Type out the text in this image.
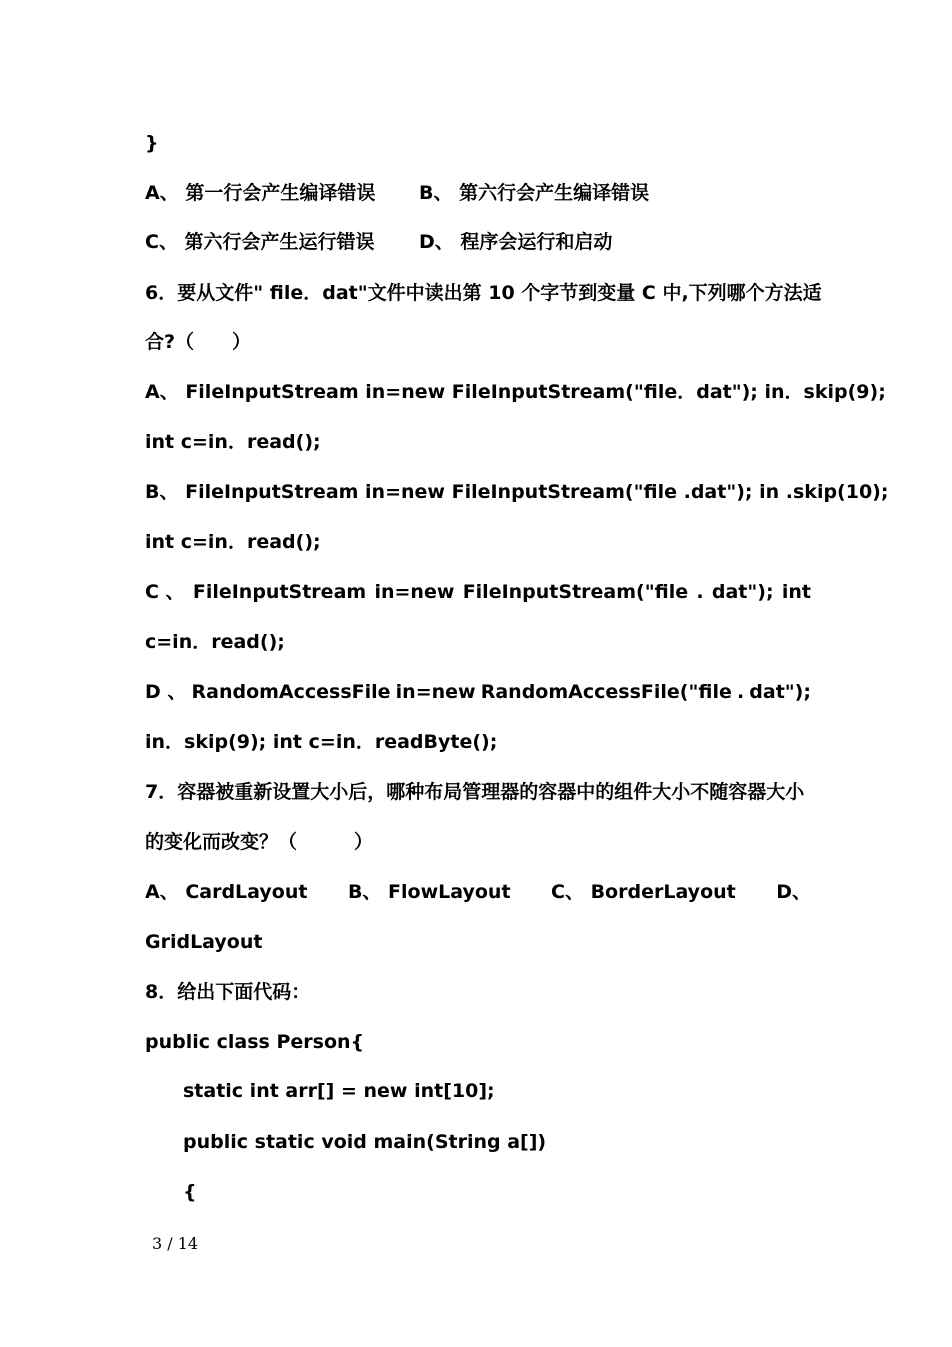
}
A、 第一行会产生编译错误 B、 第六行会产生编译错误
C、 第六行会产生运行错误 D、 程序会运行和启动
6．要从文件" file．dat"文件中读出第 10 个字节到变量 C 中,下列哪个方法适
合?（　　）
A、 FileInputStream in=new FileInputStream("file．dat"); in．skip(9);
int c=in．read();
B、 FileInputStream in=new FileInputStream("file .dat"); in .skip(10);
int c=in．read();
C 、 FileInputStream in=new FileInputStream("file . dat"); int
c=in．read();
D 、 RandomAccessFile in=new RandomAccessFile("file . dat");
in．skip(9); int c=in．readByte();
7．容器被重新设置大小后，哪种布局管理器的容器中的组件大小不随容器大小
的变化而改变？（　　　）
A、 CardLayout B、 FlowLayout C、 BorderLayout D、
GridLayout
8．给出下面代码：
public class Person{
static int arr[] = new int[10];
public static void main(String a[])
{
3 / 14
